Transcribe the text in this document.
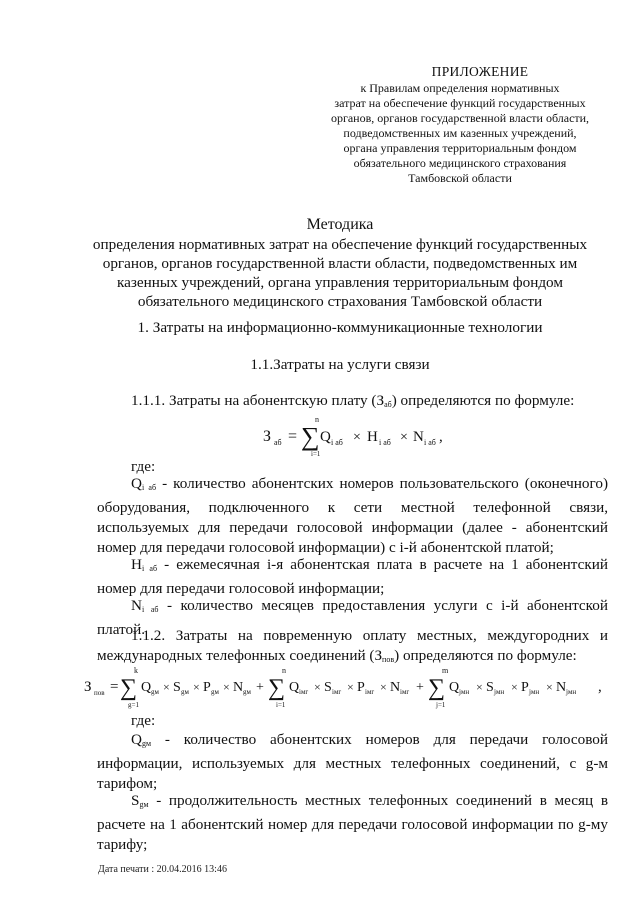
ПРИЛОЖЕНИЕ
к Правилам определения нормативных
затрат на обеспечение функций государственных
органов, органов государственной власти области,
подведомственных им казенных учреждений,
органа управления территориальным фондом
обязательного медицинского страхования
Тамбовской области
Методика
определения нормативных затрат на обеспечение функций государственных
органов, органов государственной власти области, подведомственных им
казенных учреждений, органа управления территориальным фондом
обязательного медицинского страхования Тамбовской области
1. Затраты на информационно-коммуникационные технологии
1.1.Затраты на услуги связи
1.1.1. Затраты на абонентскую плату $(З_{аб})$ определяются по формуле:
З аб =
n
∑
i=1
Q i аб × H i аб × N i аб ,
где:
$Q_{i аб}$ - количество абонентских номеров пользовательского (оконечного) оборудования, подключенного к сети местной телефонной связи, используемых для передачи голосовой информации (далее - абонентский номер для передачи голосовой информации) с i-й абонентской платой;
$H_{i аб}$ - ежемесячная i-я абонентская плата в расчете на 1 абонентский номер для передачи голосовой информации;
$N_{i аб}$ - количество месяцев предоставления услуги с i-й абонентской платой.
1.1.2. Затраты на повременную оплату местных, междугородних и международных телефонных соединений $(З_{пов})$ определяются по формуле:
З пов =
k
∑
g=1
Q gм × S gм × P gм × N gм +
n
∑
i=1
Q iмг × S iмг × P iмг × N iмг +
m
∑
j=1
Q jмн × S jмн × P jмн × N jмн ,
где:
$Q_{gм}$ - количество абонентских номеров для передачи голосовой информации, используемых для местных телефонных соединений, с g-м тарифом;
$S_{gм}$ - продолжительность местных телефонных соединений в месяц в расчете на 1 абонентский номер для передачи голосовой информации по g-му тарифу;
Дата печати : 20.04.2016 13:46
